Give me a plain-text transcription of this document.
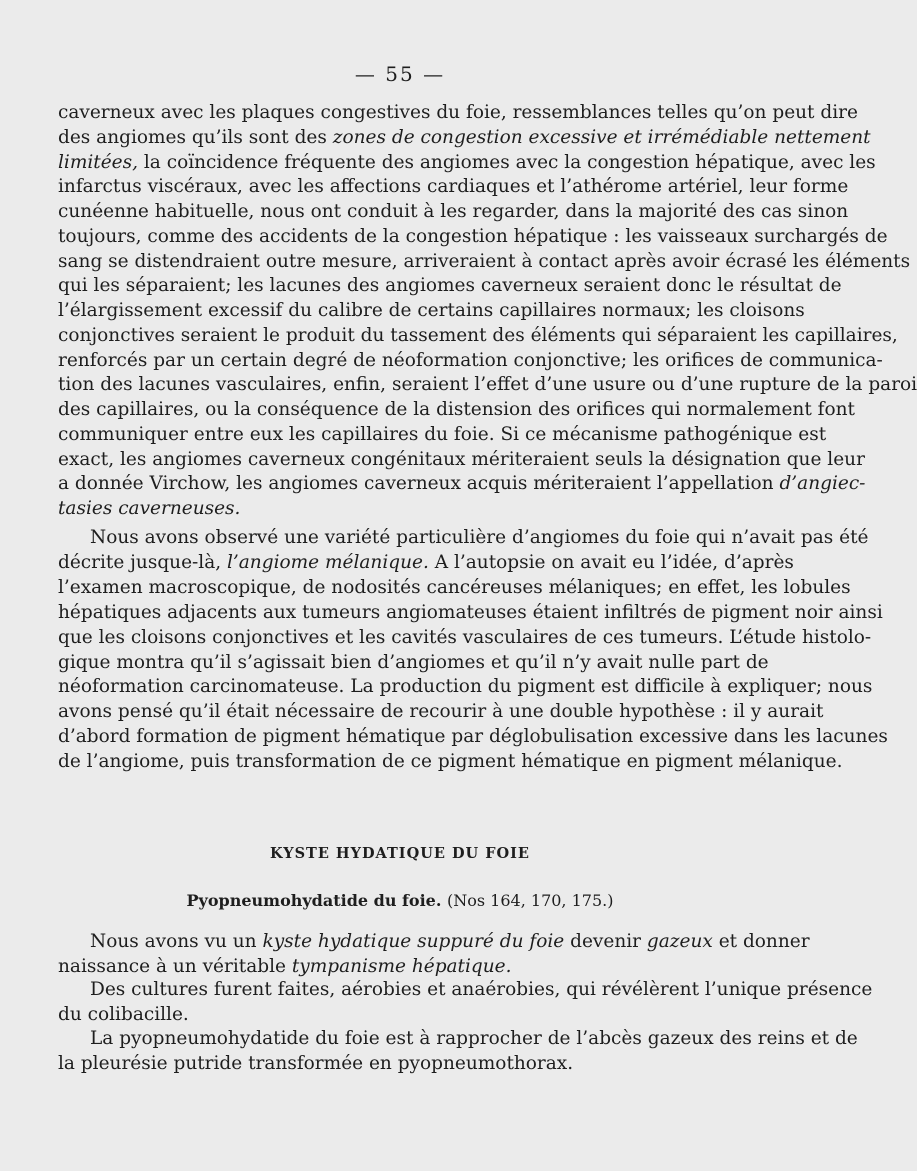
— 55 —
caverneux avec les plaques congestives du foie, ressemblances telles qu’on peut dire
des angiomes qu’ils sont des zones de congestion excessive et irrémédiable nettement
limitées, la coïncidence fréquente des angiomes avec la congestion hépatique, avec les
infarctus viscéraux, avec les affections cardiaques et l’athérome artériel, leur forme
cunéenne habituelle, nous ont conduit à les regarder, dans la majorité des cas sinon
toujours, comme des accidents de la congestion hépatique : les vaisseaux surchargés de
sang se distendraient outre mesure, arriveraient à contact après avoir écrasé les éléments
qui les séparaient; les lacunes des angiomes caverneux seraient donc le résultat de
l’élargissement excessif du calibre de certains capillaires normaux; les cloisons
conjonctives seraient le produit du tassement des éléments qui séparaient les capillaires,
renforcés par un certain degré de néoformation conjonctive; les orifices de communica-
tion des lacunes vasculaires, enfin, seraient l’effet d’une usure ou d’une rupture de la paroi
des capillaires, ou la conséquence de la distension des orifices qui normalement font
communiquer entre eux les capillaires du foie. Si ce mécanisme pathogénique est
exact, les angiomes caverneux congénitaux mériteraient seuls la désignation que leur
a donnée Virchow, les angiomes caverneux acquis mériteraient l’appellation d’angiec-
tasies caverneuses.
Nous avons observé une variété particulière d’angiomes du foie qui n’avait pas été
décrite jusque-là, l’angiome mélanique. A l’autopsie on avait eu l’idée, d’après
l’examen macroscopique, de nodosités cancéreuses mélaniques; en effet, les lobules
hépatiques adjacents aux tumeurs angiomateuses étaient infiltrés de pigment noir ainsi
que les cloisons conjonctives et les cavités vasculaires de ces tumeurs. L’étude histolo-
gique montra qu’il s’agissait bien d’angiomes et qu’il n’y avait nulle part de
néoformation carcinomateuse. La production du pigment est difficile à expliquer; nous
avons pensé qu’il était nécessaire de recourir à une double hypothèse : il y aurait
d’abord formation de pigment hématique par déglobulisation excessive dans les lacunes
de l’angiome, puis transformation de ce pigment hématique en pigment mélanique.
KYSTE HYDATIQUE DU FOIE
Pyopneumohydatide du foie. (Nos 164, 170, 175.)
Nous avons vu un kyste hydatique suppuré du foie devenir gazeux et donner
naissance à un véritable tympanisme hépatique.
Des cultures furent faites, aérobies et anaérobies, qui révélèrent l’unique présence
du colibacille.
La pyopneumohydatide du foie est à rapprocher de l’abcès gazeux des reins et de
la pleurésie putride transformée en pyopneumothorax.
